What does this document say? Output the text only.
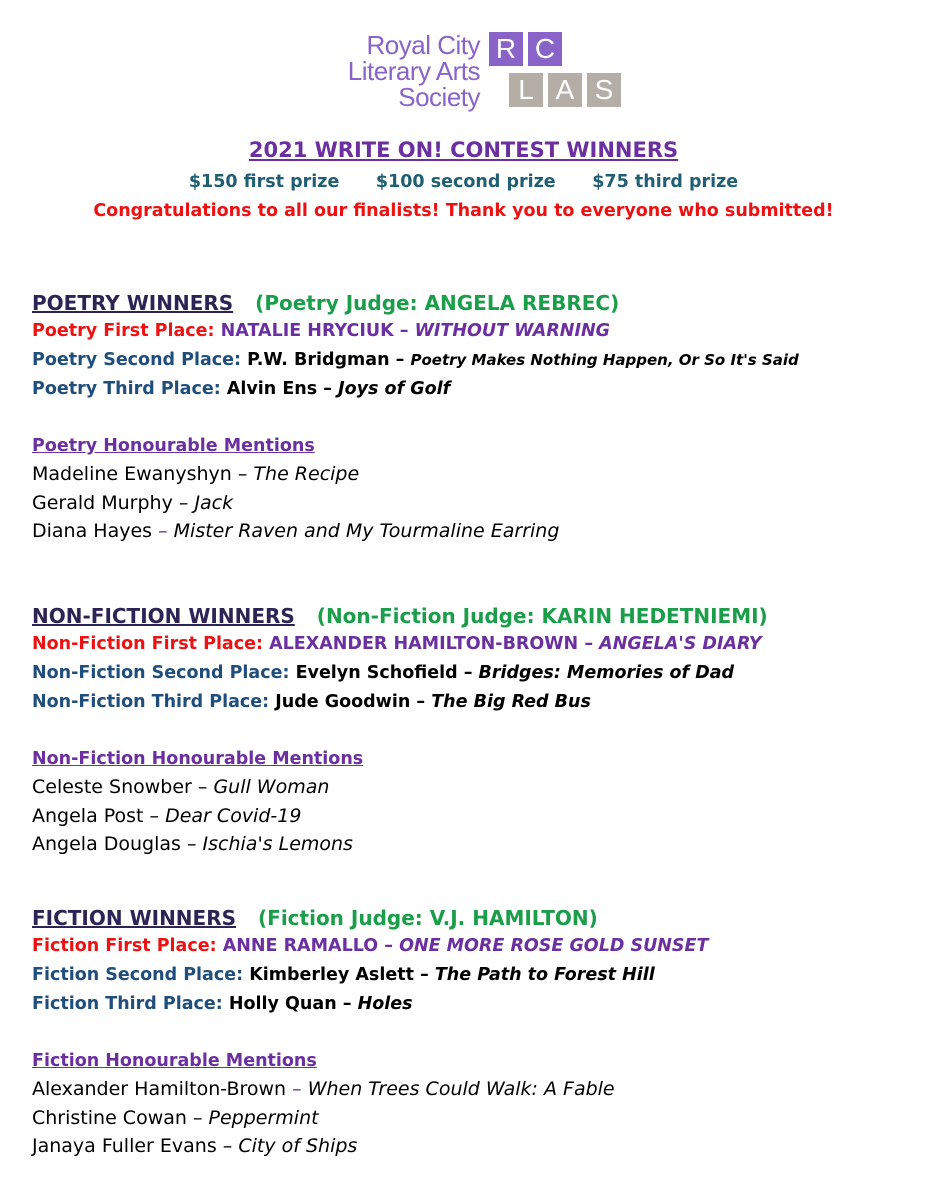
Royal City
Literary Arts
Society
R C
L A S
2021 WRITE ON! CONTEST WINNERS
$150 first prize $100 second prize $75 third prize
Congratulations to all our finalists! Thank you to everyone who submitted!
POETRY WINNERS (Poetry Judge: ANGELA REBREC)
Poetry First Place: NATALIE HRYCIUK – WITHOUT WARNING
Poetry Second Place: P.W. Bridgman – Poetry Makes Nothing Happen, Or So It's Said
Poetry Third Place: Alvin Ens – Joys of Golf
Poetry Honourable Mentions
Madeline Ewanyshyn – The Recipe
Gerald Murphy – Jack
Diana Hayes – Mister Raven and My Tourmaline Earring
NON-FICTION WINNERS (Non-Fiction Judge: KARIN HEDETNIEMI)
Non-Fiction First Place: ALEXANDER HAMILTON-BROWN – ANGELA'S DIARY
Non-Fiction Second Place: Evelyn Schofield – Bridges: Memories of Dad
Non-Fiction Third Place: Jude Goodwin – The Big Red Bus
Non-Fiction Honourable Mentions
Celeste Snowber – Gull Woman
Angela Post – Dear Covid-19
Angela Douglas – Ischia's Lemons
FICTION WINNERS (Fiction Judge: V.J. HAMILTON)
Fiction First Place: ANNE RAMALLO – ONE MORE ROSE GOLD SUNSET
Fiction Second Place: Kimberley Aslett – The Path to Forest Hill
Fiction Third Place: Holly Quan – Holes
Fiction Honourable Mentions
Alexander Hamilton-Brown – When Trees Could Walk: A Fable
Christine Cowan – Peppermint
Janaya Fuller Evans – City of Ships
